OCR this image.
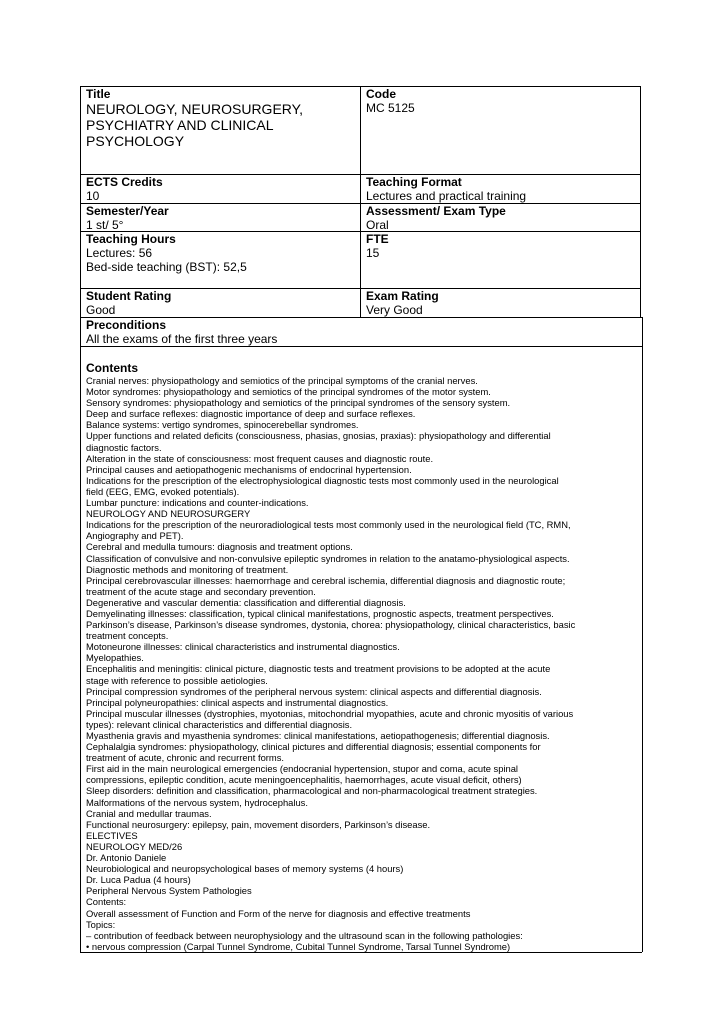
Title
NEUROLOGY, NEUROSURGERY,
PSYCHIATRY AND CLINICAL
PSYCHOLOGY
Code
MC 5125
ECTS Credits
10
Teaching Format
Lectures and practical training
Semester/Year
1 st/ 5°
Assessment/ Exam Type
Oral
Teaching Hours
Lectures: 56
Bed-side teaching (BST): 52,5
FTE
15
Student Rating
Good
Exam Rating
Very Good
Preconditions
All the exams of the first three years
Contents
Cranial nerves: physiopathology and semiotics of the principal symptoms of the cranial nerves.
Motor syndromes: physiopathology and semiotics of the principal syndromes of the motor system.
Sensory syndromes: physiopathology and semiotics of the principal syndromes of the sensory system.
Deep and surface reflexes: diagnostic importance of deep and surface reflexes.
Balance systems: vertigo syndromes, spinocerebellar syndromes.
Upper functions and related deficits (consciousness, phasias, gnosias, praxias): physiopathology and differential
diagnostic factors.
Alteration in the state of consciousness: most frequent causes and diagnostic route.
Principal causes and aetiopathogenic mechanisms of endocrinal hypertension.
Indications for the prescription of the electrophysiological diagnostic tests most commonly used in the neurological
field (EEG, EMG, evoked potentials).
Lumbar puncture: indications and counter-indications.
NEUROLOGY AND NEUROSURGERY
Indications for the prescription of the neuroradiological tests most commonly used in the neurological field (TC, RMN,
Angiography and PET).
Cerebral and medulla tumours: diagnosis and treatment options.
Classification of convulsive and non-convulsive epileptic syndromes in relation to the anatamo-physiological aspects.
Diagnostic methods and monitoring of treatment.
Principal cerebrovascular illnesses: haemorrhage and cerebral ischemia, differential diagnosis and diagnostic route;
treatment of the acute stage and secondary prevention.
Degenerative and vascular dementia: classification and differential diagnosis.
Demyelinating illnesses: classification, typical clinical manifestations, prognostic aspects, treatment perspectives.
Parkinson’s disease, Parkinson’s disease syndromes, dystonia, chorea: physiopathology, clinical characteristics, basic
treatment concepts.
Motoneurone illnesses: clinical characteristics and instrumental diagnostics.
Myelopathies.
Encephalitis and meningitis: clinical picture, diagnostic tests and treatment provisions to be adopted at the acute
stage with reference to possible aetiologies.
Principal compression syndromes of the peripheral nervous system: clinical aspects and differential diagnosis.
Principal polyneuropathies: clinical aspects and instrumental diagnostics.
Principal muscular illnesses (dystrophies, myotonias, mitochondrial myopathies, acute and chronic myositis of various
types): relevant clinical characteristics and differential diagnosis.
Myasthenia gravis and myasthenia syndromes: clinical manifestations, aetiopathogenesis; differential diagnosis.
Cephalalgia syndromes: physiopathology, clinical pictures and differential diagnosis; essential components for
treatment of acute, chronic and recurrent forms.
First aid in the main neurological emergencies (endocranial hypertension, stupor and coma, acute spinal
compressions, epileptic condition, acute meningoencephalitis, haemorrhages, acute visual deficit, others)
Sleep disorders: definition and classification, pharmacological and non-pharmacological treatment strategies.
Malformations of the nervous system, hydrocephalus.
Cranial and medullar traumas.
Functional neurosurgery: epilepsy, pain, movement disorders, Parkinson’s disease.
ELECTIVES
NEUROLOGY MED/26
Dr. Antonio Daniele
Neurobiological and neuropsychological bases of memory systems (4 hours)
Dr. Luca Padua (4 hours)
Peripheral Nervous System Pathologies
Contents:
Overall assessment of Function and Form of the nerve for diagnosis and effective treatments
Topics:
– contribution of feedback between neurophysiology and the ultrasound scan in the following pathologies:
• nervous compression (Carpal Tunnel Syndrome, Cubital Tunnel Syndrome, Tarsal Tunnel Syndrome)
